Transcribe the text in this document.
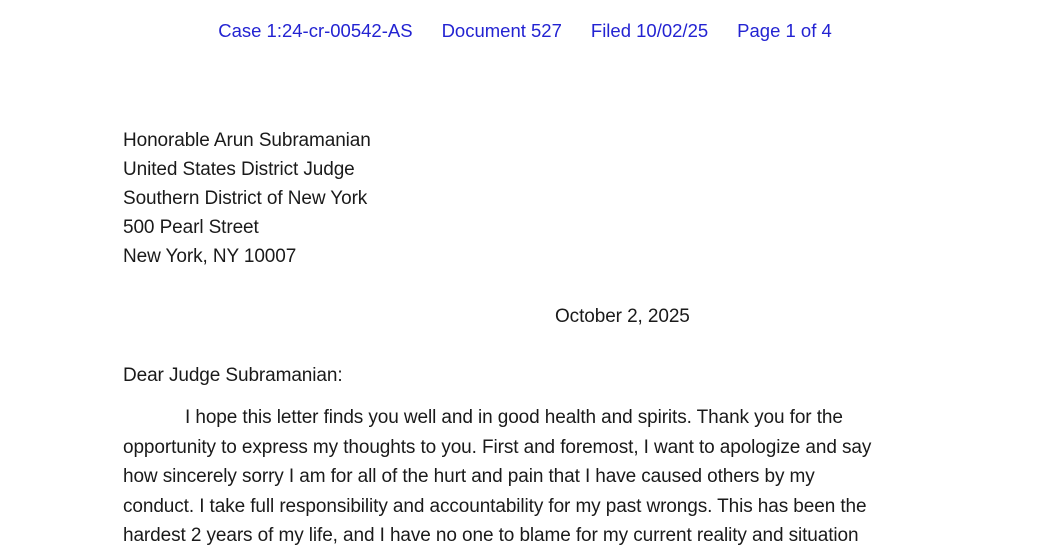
Case 1:24-cr-00542-AS Document 527 Filed 10/02/25 Page 1 of 4
Honorable Arun Subramanian
United States District Judge
Southern District of New York
500 Pearl Street
New York, NY 10007
October 2, 2025
Dear Judge Subramanian:
I hope this letter finds you well and in good health and spirits. Thank you for the
opportunity to express my thoughts to you. First and foremost, I want to apologize and say
how sincerely sorry I am for all of the hurt and pain that I have caused others by my
conduct. I take full responsibility and accountability for my past wrongs. This has been the
hardest 2 years of my life, and I have no one to blame for my current reality and situation
